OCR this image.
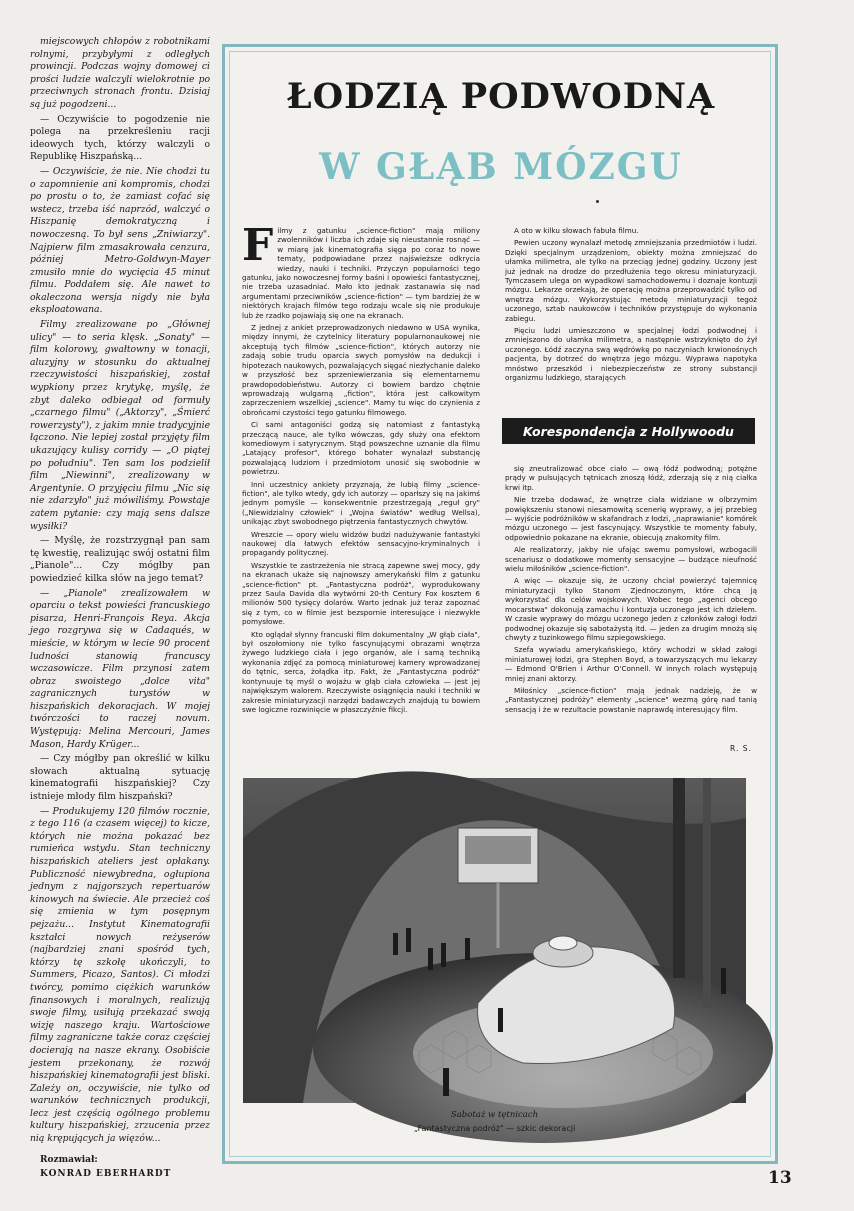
miejscowych chłopów z robotnikami rolnymi, przybyłymi z odległych prowincji. Podczas wojny domowej ci prości ludzie walczyli wielokrotnie po przeciwnych stronach frontu. Dzisiaj są już pogodzeni...

— Oczywiście to pogodzenie nie polega na przekreśleniu racji ideowych tych, którzy walczyli o Republikę Hiszpańską...

— Oczywiście, że nie. Nie chodzi tu o zapomnienie ani kompromis, chodzi po prostu o to, że zamiast cofać się wstecz, trzeba iść naprzód, walczyć o Hiszpanię demokratyczną i nowoczesną. To był sens „Zniwiarzy". Najpierw film zmasakrowała cenzura, później Metro-Goldwyn-Mayer zmusiło mnie do wycięcia 45 minut filmu. Poddałem się. Ale nawet to okaleczona wersja nigdy nie była eksploatowana.

Filmy zrealizowane po „Głównej ulicy" — to seria klęsk. „Sonaty" — film kolorowy, gwałtowny w tonacji, aluzyjny w stosunku do aktualnej rzeczywistości hiszpańskiej, został wypkiony przez krytykę, myślę, że zbyt daleko odbiegał od formuły „czarnego filmu" („Aktorzy", „Śmierć rowerzysty"), z jakim mnie tradycyjnie łączono. Nie lepiej został przyjęty film ukazujący kulisy corridy — „O piątej po południu". Ten sam los podzielił film „Niewinni", zrealizowany w Argentynie. O przyjęciu filmu „Nic się nie zdarzyło" już mówiliśmy. Powstaje zatem pytanie: czy mają sens dalsze wysiłki?

— Myślę, że rozstrzygnął pan sam tę kwestię, realizując swój ostatni film „Pianole"... Czy mógłby pan powiedzieć kilka słów na jego temat?

— „Pianole" zrealizowałem w oparciu o tekst powieści francuskiego pisarza, Henri-François Reya. Akcja jego rozgrywa się w Cadaqués, w mieście, w którym w lecie 90 procent ludności stanowią francuscy wczasowicze. Film przynosi zatem obraz swoistego „dolce vita" zagranicznych turystów w hiszpańskich dekoracjach. W mojej twórczości to raczej novum. Występują: Melina Mercouri, James Mason, Hardy Krüger...

— Czy mógłby pan określić w kilku słowach aktualną sytuację kinematografii hiszpańskiej? Czy istnieje młody film hiszpański?

— Produkujemy 120 filmów rocznie, z tego 116 (a czasem więcej) to kicze, których nie można pokazać bez rumieńca wstydu. Stan techniczny hiszpańskich ateliers jest opłakany. Publiczność niewybredna, ogłupiona jednym z najgorszych repertuarów kinowych na świecie. Ale przecież coś się zmienia w tym posępnym pejzażu... Instytut Kinematografii kształci nowych reżyserów (najbardziej znani spośród tych, którzy tę szkołę ukończyli, to Summers, Picazo, Santos). Ci młodzi twórcy, pomimo ciężkich warunków finansowych i moralnych, realizują swoje filmy, usiłują przekazać swoją wizję naszego kraju. Wartościowe filmy zagraniczne także coraz częściej docierają na nasze ekrany. Osobiście jestem przekonany, że rozwój hiszpańskiej kinematografii jest bliski. Zależy on, oczywiście, nie tylko od warunków technicznych produkcji, lecz jest częścią ogólnego problemu kultury hiszpańskiej, zrzucenia przez nią krępujących ja więzów...

Rozmawiał:

KONRAD EBERHARDT

ŁODZIĄ PODWODNĄ
W GŁĄB MÓZGU

Filmy z gatunku „science-fiction" mają miliony zwolenników i liczba ich zdaje się nieustannie rosnąć — w miarę jak kinematografia sięga po coraz to nowe tematy, podpowiadane przez najświeższe odkrycia wiedzy, nauki i techniki. Przyczyn popularności tego gatunku, jako nowoczesnej formy baśni i opowieści fantastycznej, nie trzeba uzasadniać. Mało kto jednak zastanawia się nad argumentami przeciwników „science-fiction" — tym bardziej że w niektórych krajach filmów tego rodzaju wcale się nie produkuje lub że rzadko pojawiają się one na ekranach.

Z jednej z ankiet przeprowadzonych niedawno w USA wynika, między innymi, że czytelnicy literatury popularnonaukowej nie akceptują tych filmów „science-fiction", których autorzy nie zadają sobie trudu oparcia swych pomysłów na dedukcji i hipotezach naukowych, pozwalających sięgać niezłychanie daleko w przyszłość bez sprzeniewierzania się elementarnemu prawdopodobieństwu. Autorzy ci bowiem bardzo chętnie wprowadzają wulgarną „fiction", która jest całkowitym zaprzeczeniem wszelkiej „science". Mamy tu więc do czynienia z obrońcami czystości tego gatunku filmowego.

Ci sami antagoniści godzą się natomiast z fantastyką przeczącą nauce, ale tylko wówczas, gdy służy ona efektom komediowym i satyrycznym. Stąd powszechne uznanie dla filmu „Latający profesor", którego bohater wynalazł substancję pozwalającą ludziom i przedmiotom unosić się swobodnie w powietrzu.

Inni uczestnicy ankiety przyznają, że lubią filmy „science-fiction", ale tylko wtedy, gdy ich autorzy — oparłszy się na jakimś jednym pomyśle — konsekwentnie przestrzegają „reguł gry" („Niewidzialny człowiek" i „Wojna światów" według Wellsa), unikając zbyt swobodnego piętrzenia fantastycznych chwytów.

Wreszcie — opory wielu widzów budzi nadużywanie fantastyki naukowej dla łatwych efektów sensacyjno-kryminalnych i propagandy politycznej.

Wszystkie te zastrzeżenia nie stracą zapewne swej mocy, gdy na ekranach ukaże się najnowszy amerykański film z gatunku „science-fiction" pt. „Fantastyczna podróż", wyprodukowany przez Saula Davida dla wytwórni 20-th Century Fox kosztem 6 milionów 500 tysięcy dolarów. Warto jednak już teraz zapoznać się z tym, co w filmie jest bezspornie interesujące i niezwykłe pomysłowe.

Kto oglądał słynny francuski film dokumentalny „W głąb ciała", był oszołomiony nie tylko fascynującymi obrazami wnętrza żywego ludzkiego ciała i jego organów, ale i samą techniką wykonania zdjęć za pomocą miniaturowej kamery wprowadzanej do tętnic, serca, żołądka itp. Fakt, że „Fantastyczna podróż" kontynuuje tę myśl o wojażu w głąb ciała człowieka — jest jej największym walorem. Rzeczywiste osiągnięcia nauki i techniki w zakresie miniaturyzacji narzędzi badawczych znajdują tu bowiem swe logiczne rozwinięcie w płaszczyźnie fikcji.

A oto w kilku słowach fabuła filmu.

Pewien uczony wynalazł metodę zmniejszania przedmiotów i ludzi. Dzięki specjalnym urządzeniom, obiekty można zmniejszać do ułamka milimetra, ale tylko na przeciąg jednej godziny. Uczony jest już jednak na drodze do przedłużenia tego okresu miniaturyzacji. Tymczasem ulega on wypadkowi samochodowemu i doznaje kontuzji mózgu. Lekarze orzekają, że operację można przeprowadzić tylko od wnętrza mózgu. Wykorzystując metodę miniaturyzacji tegoż uczonego, sztab naukowców i techników przystępuje do wykonania zabiegu.

Pięciu ludzi umieszczono w specjalnej łodzi podwodnej i zmniejszono do ułamka milimetra, a następnie wstrzyknięto do żył uczonego. Łódź zaczyna swą wędrówkę po naczyniach krwionośnych pacjenta, by dotrzeć do wnętrza jego mózgu. Wyprawa napotyka mnóstwo przeszkód i niebezpieczeństw ze strony substancji organizmu ludzkiego, starających

Korespondencja z Hollywoodu

się zneutralizować obce ciało — ową łódź podwodną; potężne prądy w pulsujących tętnicach znoszą łódź, zderzają się z nią ciałka krwi itp.

Nie trzeba dodawać, że wnętrze ciała widziane w olbrzymim powiększeniu stanowi niesamowitą scenerię wyprawy, a jej przebieg — wyjście podróżników w skafandrach z łodzi, „naprawianie" komórek mózgu uczonego — jest fascynujący. Wszystkie te momenty fabuły, odpowiednio pokazane na ekranie, obiecują znakomity film.

Ale realizatorzy, jakby nie ufając swemu pomysłowi, wzbogacili scenariusz o dodatkowe momenty sensacyjne — budzące nieufność wielu miłośników „science-fiction".

A więc — okazuje się, że uczony chciał powierzyć tajemnicę miniaturyzacji tylko Stanom Zjednoczonym, które chcą ją wykorzystać dla celów wojskowych. Wobec tego „agenci obcego mocarstwa" dokonują zamachu i kontuzja uczonego jest ich dziełem. W czasie wyprawy do mózgu uczonego jeden z członków załogi łodzi podwodnej okazuje się sabotażystą itd. — jeden za drugim mnożą się chwyty z tuzinkowego filmu szpiegowskiego.

Szefa wywiadu amerykańskiego, który wchodzi w skład załogi miniaturowej łodzi, gra Stephen Boyd, a towarzyszących mu lekarzy — Edmond O'Brien i Arthur O'Connell. W innych rolach występują mniej znani aktorzy.

Miłośnicy „science-fiction" mają jednak nadzieję, że w „Fantastycznej podróży" elementy „science" wezmą górę nad tanią sensacją i że w rezultacie powstanie naprawdę interesujący film.

R. S.
Sabotaż w tętnicach
„Fantastyczna podróż" — szkic dekoracji
13
